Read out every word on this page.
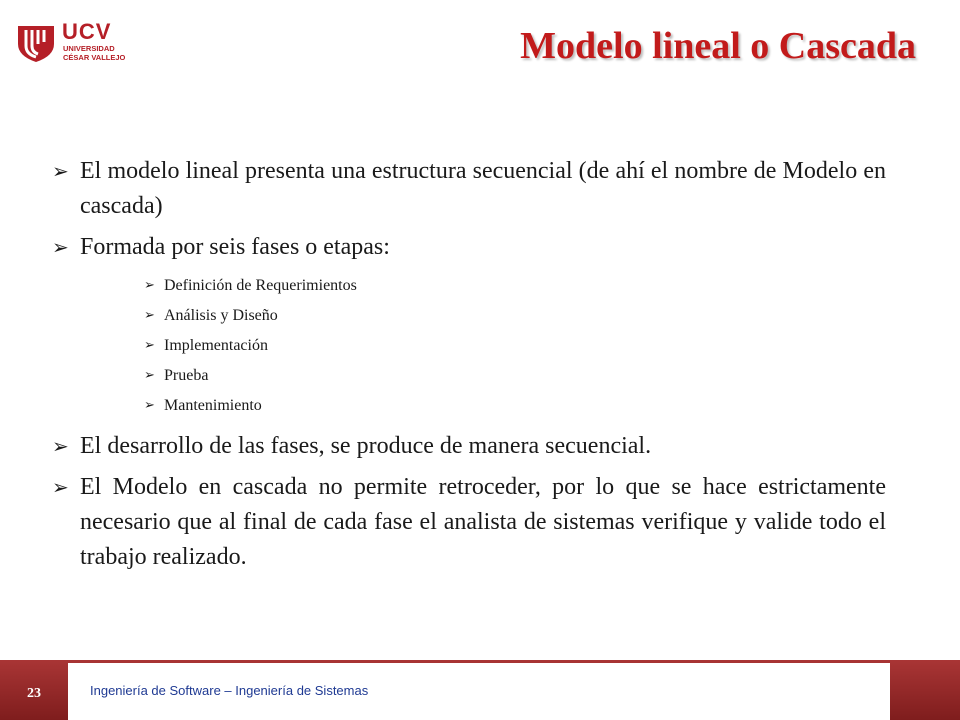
UCV
UNIVERSIDAD
CÉSAR VALLEJO	Modelo lineal o Cascada
➢ El modelo lineal presenta una estructura secuencial (de ahí el nombre de Modelo en cascada)
➢ Formada por seis fases o etapas:
➢ Definición de Requerimientos
➢ Análisis y Diseño
➢ Implementación
➢ Prueba
➢ Mantenimiento
➢ El desarrollo de las fases, se produce de manera secuencial.
➢ El Modelo en cascada no permite retroceder, por lo que se hace estrictamente necesario que al final de cada fase el analista de sistemas verifique y valide todo el trabajo realizado.
Ingeniería de Software – Ingeniería de Sistemas
23
